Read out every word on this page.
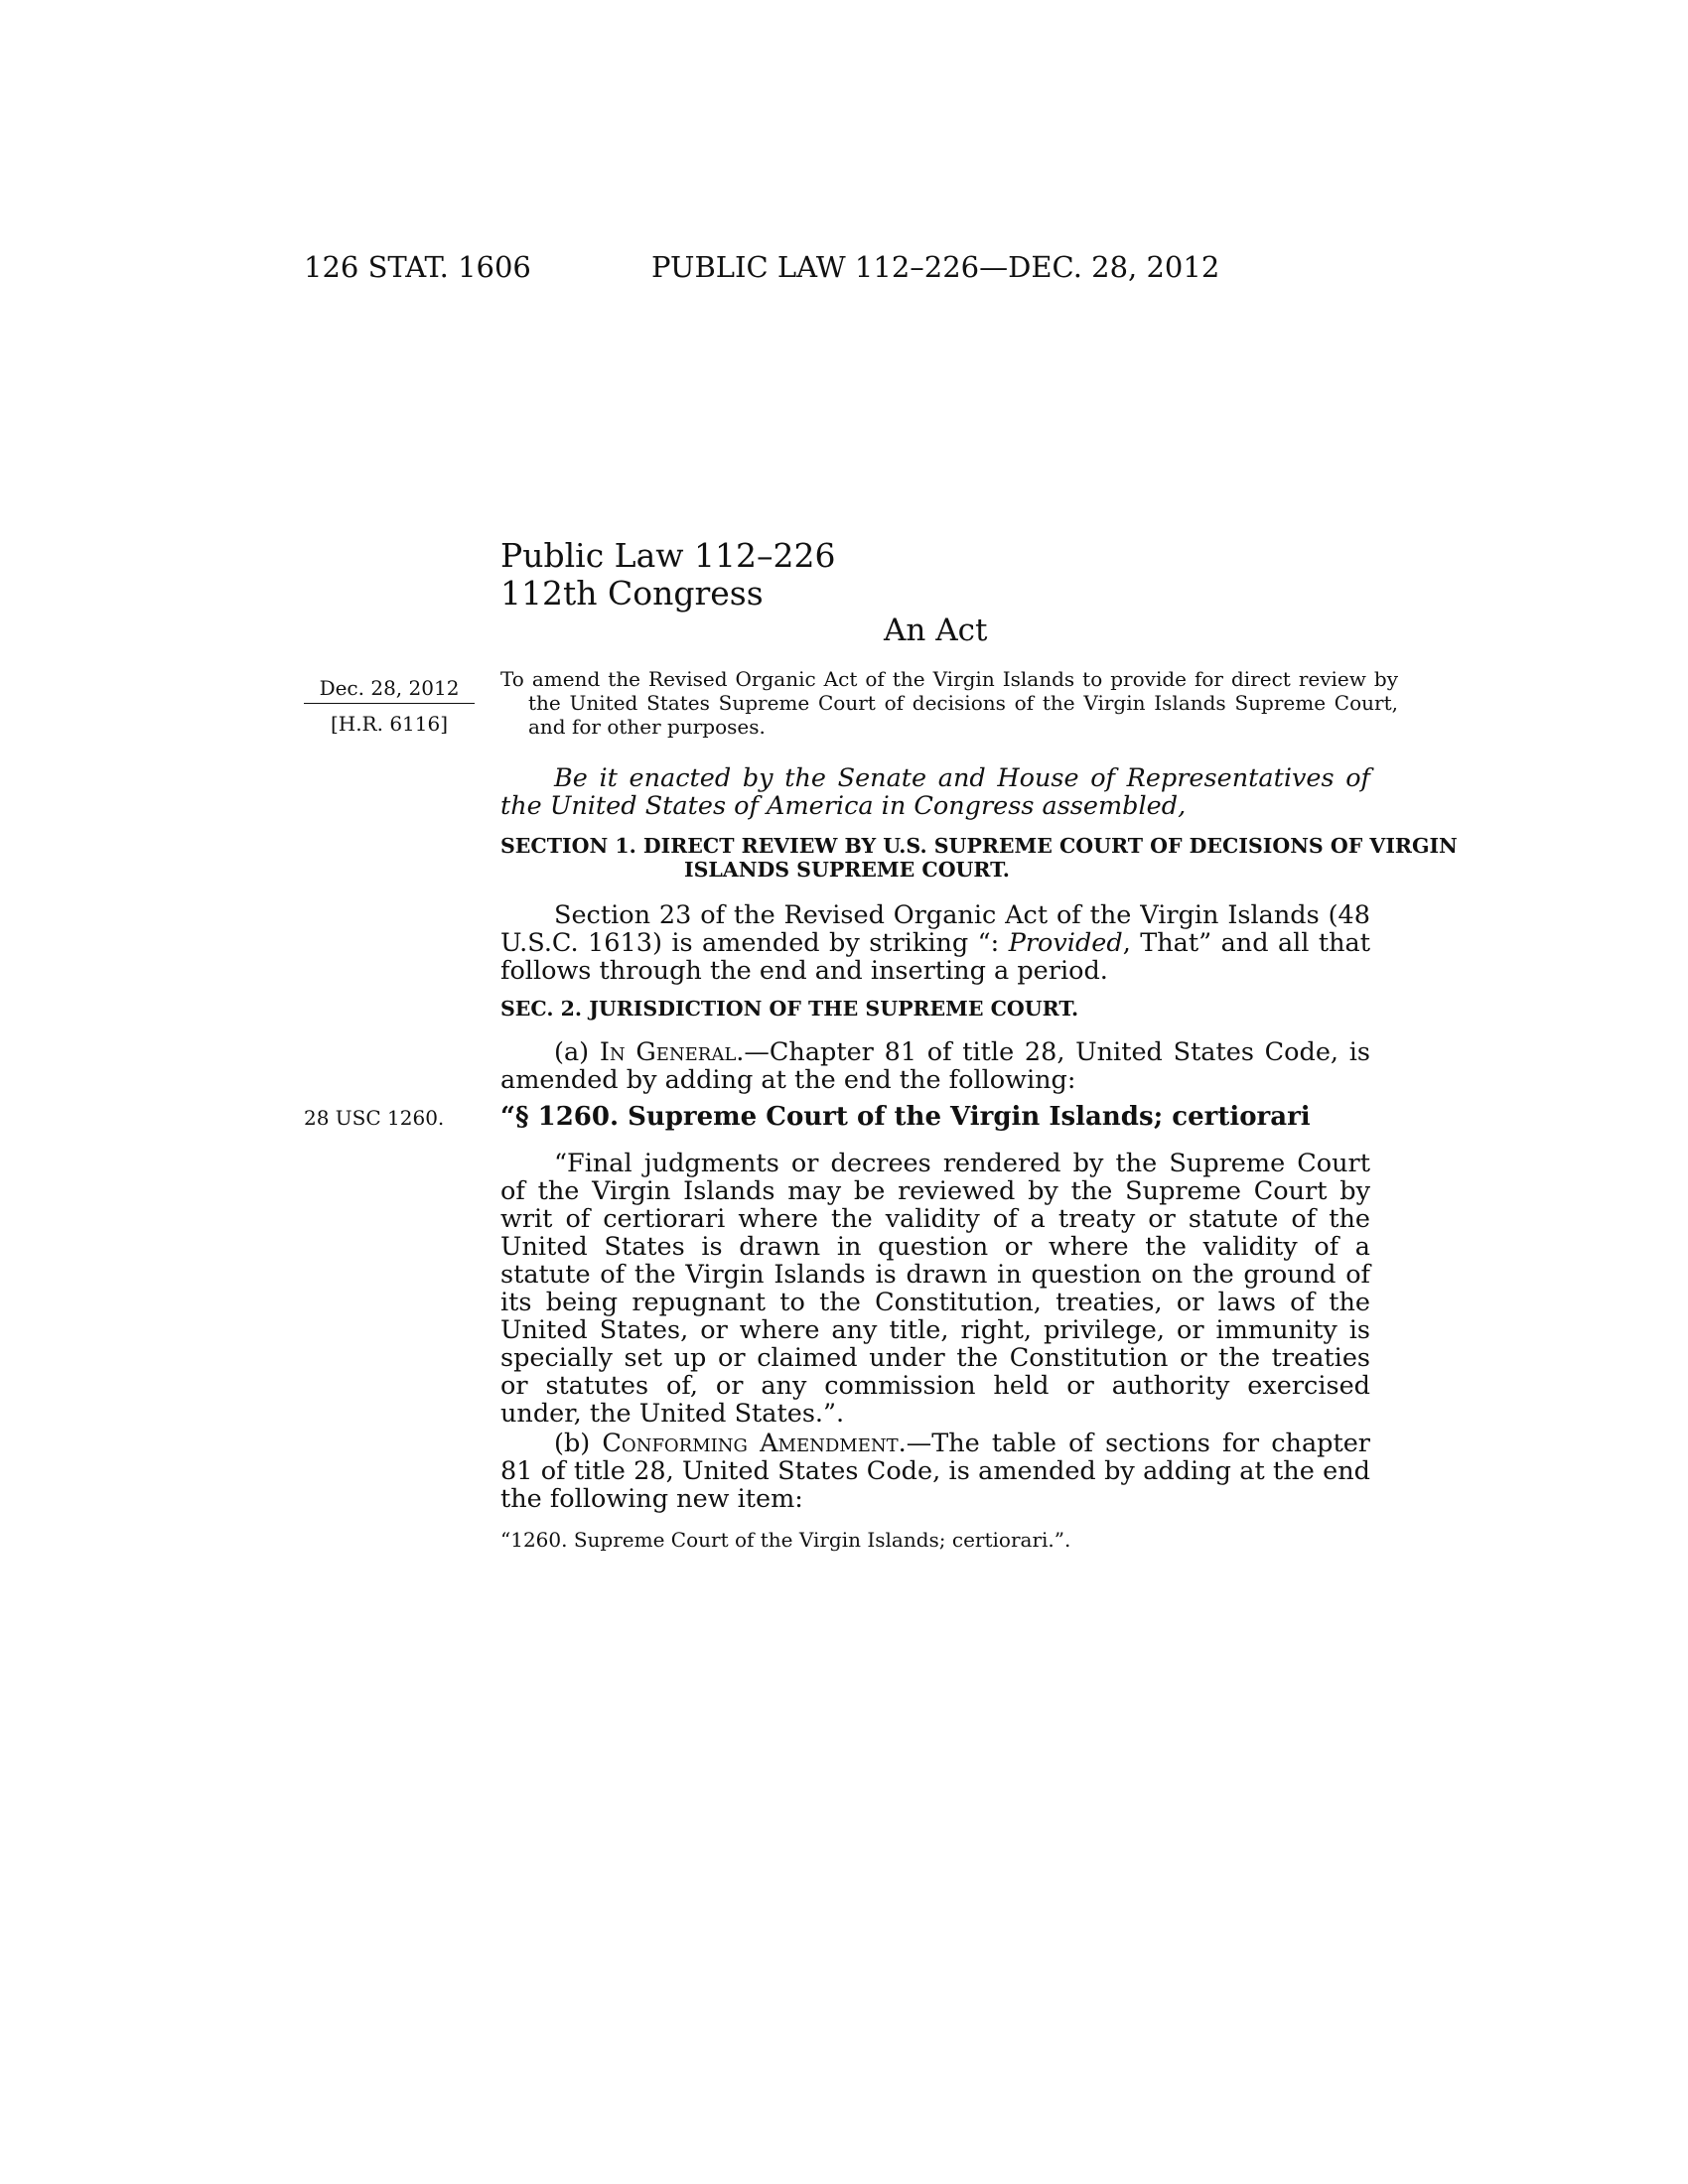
126 STAT. 1606	PUBLIC LAW 112–226—DEC. 28, 2012
Public Law 112–226
112th Congress
An Act
Dec. 28, 2012
[H.R. 6116]
28 USC 1260.
To amend the Revised Organic Act of the Virgin Islands to provide for direct review by the United States Supreme Court of decisions of the Virgin Islands Supreme Court, and for other purposes.
Be it enacted by the Senate and House of Representatives of the United States of America in Congress assembled,
SECTION 1. DIRECT REVIEW BY U.S. SUPREME COURT OF DECISIONS OF VIRGIN ISLANDS SUPREME COURT.
Section 23 of the Revised Organic Act of the Virgin Islands (48 U.S.C. 1613) is amended by striking “: Provided, That” and all that follows through the end and inserting a period.
SEC. 2. JURISDICTION OF THE SUPREME COURT.
(a) In General.—Chapter 81 of title 28, United States Code, is amended by adding at the end the following:
“§ 1260. Supreme Court of the Virgin Islands; certiorari
“Final judgments or decrees rendered by the Supreme Court of the Virgin Islands may be reviewed by the Supreme Court by writ of certiorari where the validity of a treaty or statute of the United States is drawn in question or where the validity of a statute of the Virgin Islands is drawn in question on the ground of its being repugnant to the Constitution, treaties, or laws of the United States, or where any title, right, privilege, or immunity is specially set up or claimed under the Constitution or the treaties or statutes of, or any commission held or authority exercised under, the United States.”.
(b) Conforming Amendment.—The table of sections for chapter 81 of title 28, United States Code, is amended by adding at the end the following new item:
“1260. Supreme Court of the Virgin Islands; certiorari.”.
